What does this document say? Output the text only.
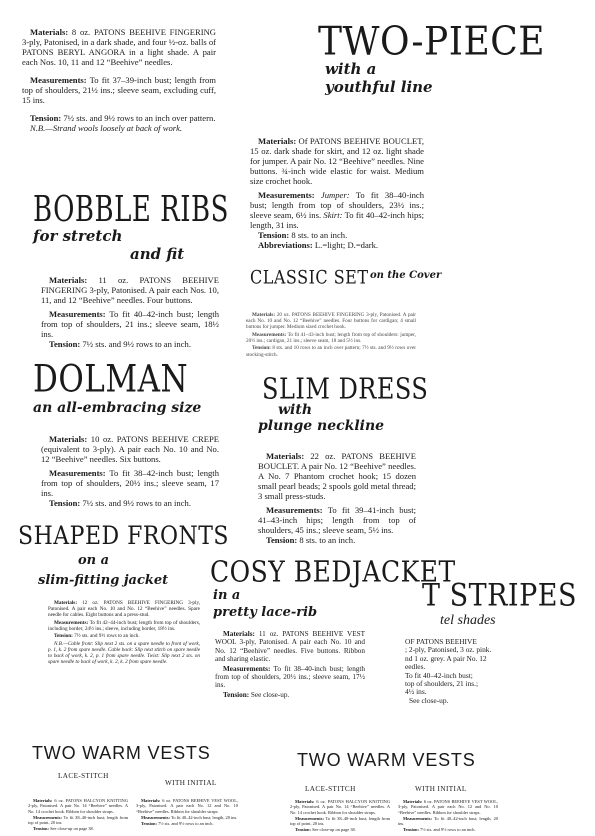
Materials: 8 oz. PATONS BEEHIVE FINGERING 3-ply, Patonised, in a dark shade, and four ½-oz. balls of PATONS BERYL ANGORA in a light shade. A pair each Nos. 10, 11 and 12 “Beehive” needles.

Measurements: To fit 37–39-inch bust; length from top of shoulders, 21½ ins.; sleeve seam, excluding cuff, 15 ins.

Tension: 7½ sts. and 9½ rows to an inch over pattern.

N.B.—Strand wools loosely at back of work.

TWO-PIECE
with a
youthful line

Materials: Of PATONS BEEHIVE BOUCLET, 15 oz. dark shade for skirt, and 12 oz. light shade for jumper. A pair No. 12 “Beehive” needles. Nine buttons. ¾-inch wide elastic for waist. Medium size crochet hook.

Measurements: Jumper: To fit 38–40-inch bust; length from top of shoulders, 23½ ins.; sleeve seam, 6½ ins. Skirt: To fit 40–42-inch hips; length, 31 ins.

Tension: 8 sts. to an inch.

Abbreviations: L.=light; D.=dark.

BOBBLE RIBS
for stretch
and fit

Materials: 11 oz. PATONS BEEHIVE FINGERING 3-ply, Patonised. A pair each Nos. 10, 11, and 12 “Beehive” needles. Four buttons.

Measurements: To fit 40–42-inch bust; length from top of shoulders, 21 ins.; sleeve seam, 18½ ins.

Tension: 7½ sts. and 9½ rows to an inch.

CLASSIC SET on the Cover

Materials: 20 oz. PATONS BEEHIVE FINGERING 3-ply, Patonised. A pair each No. 10 and No. 12 “Beehive” needles. Four buttons for cardigan; 4 small buttons for jumper. Medium sized crochet hook.

Measurements: To fit 41–43-inch bust; length from top of shoulders: jumper, 20½ ins.; cardigan, 21 ins.; sleeve seam, 18 and 5½ ins.

Tension: 8 sts. and 10 rows to an inch over pattern; 7½ sts. and 9½ rows over stocking-stitch.

DOLMAN
an all-embracing size

Materials: 10 oz. PATONS BEEHIVE CREPE (equivalent to 3-ply). A pair each No. 10 and No. 12 “Beehive” needles. Six buttons.

Measurements: To fit 38–42-inch bust; length from top of shoulders, 20½ ins.; sleeve seam, 17 ins.

Tension: 7½ sts. and 9½ rows to an inch.

SLIM DRESS
with
plunge neckline

Materials: 22 oz. PATONS BEEHIVE BOUCLET. A pair No. 12 “Beehive” needles. A No. 7 Phantom crochet hook; 15 dozen small pearl beads; 2 spools gold metal thread; 3 small press-studs.

Measurements: To fit 39–41-inch bust; 41–43-inch hips; length from top of shoulders, 45 ins.; sleeve seam, 5½ ins.

Tension: 8 sts. to an inch.

SHAPED FRONTS
on a
slim-fitting jacket

Materials: 12 oz. PATONS BEEHIVE FINGERING 3-ply, Patonised. A pair each No. 10 and No. 12 “Beehive” needles. Spare needle for cables. Eight buttons and a press-stud.

Measurements: To fit 42–44-inch bust; length from top of shoulders, including border, 24½ ins.; sleeve, including border, 18½ ins.

Tension: 7½ sts. and 9½ rows to an inch.

N.B.—Cable front: Slip next 2 sts. on a spare needle to front of work, p. 1, k. 2 from spare needle. Cable back: Slip next stitch on spare needle to back of work, k. 2, p. 1 from spare needle. Twist: Slip next 2 sts. on spare needle to back of work, k. 2, k. 2 from spare needle.

COSY BEDJACKET
in a
pretty lace-rib

Materials: 11 oz. PATONS BEEHIVE VEST WOOL 3-ply, Patonised. A pair each No. 10 and No. 12 “Beehive” needles. Five buttons. Ribbon and sharing elastic.

Measurements: To fit 38–40-inch bust; length from top of shoulders, 20½ ins.; sleeve seam, 17½ ins.

Tension: See close-up.

T STRIPES
tel shades
OF PATONS BEEHIVE
; 2-ply, Patonised, 3 oz. pink.
nd 1 oz. grey. A pair No. 12
eedles.
To fit 40–42-inch bust;
top of shoulders, 21 ins.;
4½ ins.
See close-up.
TWO WARM VESTS
LACE-STITCH
WITH INITIAL

Materials: 6 oz. PATONS HALCYON KNITTING 2-ply, Patonised. A pair No. 14 “Beehive” needles. A No. 14 crochet hook. Ribbon for shoulder straps.

Measurements: To fit 38–40-inch bust; length from top of point, 20 ins.

Tension: See close-up on page 38.

Materials: 6 oz. PATONS BEEHIVE VEST WOOL, 3-ply, Patonised. A pair each No. 12 and No. 10 “Beehive” needles. Ribbon for shoulder straps.

Measurements: To fit 40–42-inch bust; length, 20 ins.

Tension: 7½ sts. and 9½ rows to an inch.

TWO WARM VESTS
LACE-STITCH	WITH INITIAL

Materials: 6 oz. PATONS HALCYON KNITTING 2-ply, Patonised. A pair No. 14 “Beehive” needles. A No. 14 crochet hook. Ribbon for shoulder straps.

Measurements: To fit 38–40-inch bust; length from top of point, 20 ins.

Tension: See close-up on page 38.

Materials: 6 oz. PATONS BEEHIVE VEST WOOL, 3-ply, Patonised. A pair each No. 12 and No. 10 “Beehive” needles. Ribbon for shoulder straps.

Measurements: To fit 40–42-inch bust; length, 20 ins.

Tension: 7½ sts. and 9½ rows to an inch.
